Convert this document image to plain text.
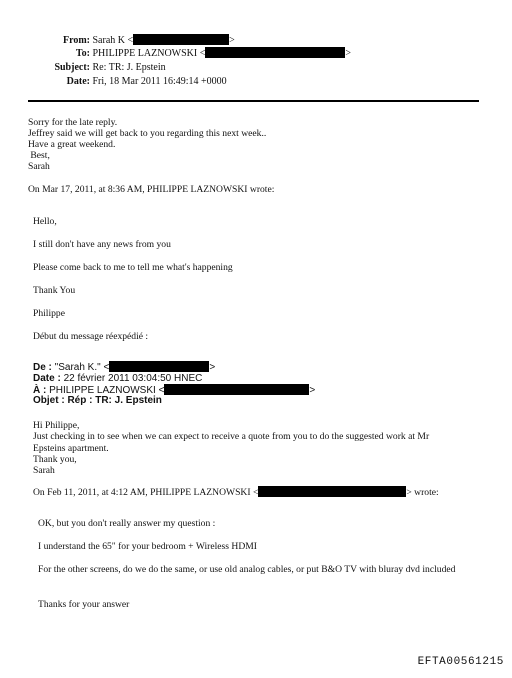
From: Sarah K <	>
To: PHILIPPE LAZNOWSKI <	>
Subject: Re: TR: J. Epstein
Date: Fri, 18 Mar 2011 16:49:14 +0000
Sorry for the late reply.
Jeffrey said we will get back to you regarding this next week..
Have a great weekend.
Best,
Sarah
On Mar 17, 2011, at 8:36 AM, PHILIPPE LAZNOWSKI wrote:
Hello,
I still don't have any news from you
Please come back to me to tell me what's happening
Thank You
Philippe
Début du message réexpédié :
De : "Sarah K." <	>
Date : 22 février 2011 03:04:50 HNEC
À : PHILIPPE LAZNOWSKI <	>
Objet : Rép : TR: J. Epstein
Hi Philippe,
Just checking in to see when we can expect to receive a quote from you to do the suggested work at Mr Epsteins apartment.
Thank you,
Sarah
On Feb 11, 2011, at 4:12 AM, PHILIPPE LAZNOWSKI <	> wrote:
OK, but you don't really answer my question :
I understand the 65" for your bedroom + Wireless HDMI
For the other screens, do we do the same, or use old analog cables, or put B&O TV with bluray dvd included
Thanks for your answer
EFTA00561215
